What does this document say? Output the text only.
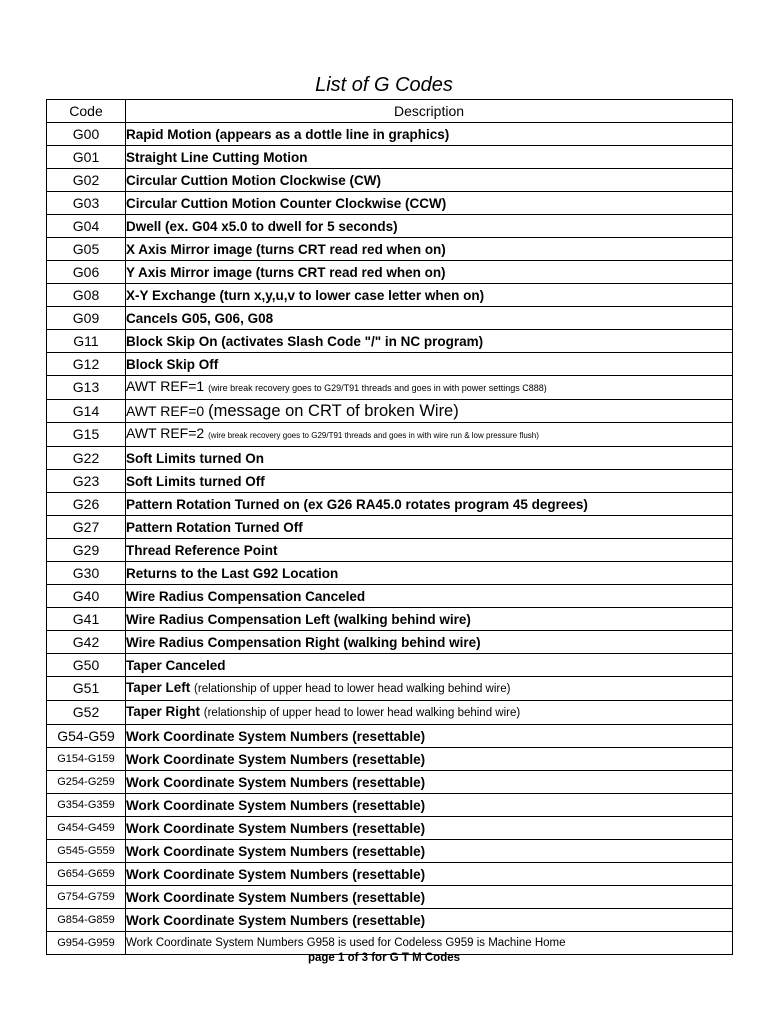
List of G Codes
Code	Description
G00	Rapid Motion (appears as a dottle line in graphics)
G01	Straight Line Cutting Motion
G02	Circular Cuttion Motion Clockwise (CW)
G03	Circular Cuttion Motion Counter Clockwise (CCW)
G04	Dwell (ex. G04 x5.0 to dwell for 5 seconds)
G05	X Axis Mirror image (turns CRT read red when on)
G06	Y Axis Mirror image (turns CRT read red when on)
G08	X-Y Exchange (turn x,y,u,v to lower case letter when on)
G09	Cancels G05, G06, G08
G11	Block Skip On (activates Slash Code "/" in NC program)
G12	Block Skip Off
G13	AWT REF=1 (wire break recovery goes to G29/T91 threads and goes in with power settings C888)
G14	AWT REF=0 (message on CRT of broken Wire)
G15	AWT REF=2 (wire break recovery goes to G29/T91 threads and goes in with wire run & low pressure flush)
G22	Soft Limits turned On
G23	Soft Limits turned Off
G26	Pattern Rotation Turned on (ex G26 RA45.0 rotates program 45 degrees)
G27	Pattern Rotation Turned Off
G29	Thread Reference Point
G30	Returns to the Last G92 Location
G40	Wire Radius Compensation Canceled
G41	Wire Radius Compensation Left (walking behind wire)
G42	Wire Radius Compensation Right (walking behind wire)
G50	Taper Canceled
G51	Taper Left (relationship of upper head to lower head walking behind wire)
G52	Taper Right (relationship of upper head to lower head walking behind wire)
G54-G59	Work Coordinate System Numbers (resettable)
G154-G159	Work Coordinate System Numbers (resettable)
G254-G259	Work Coordinate System Numbers (resettable)
G354-G359	Work Coordinate System Numbers (resettable)
G454-G459	Work Coordinate System Numbers (resettable)
G545-G559	Work Coordinate System Numbers (resettable)
G654-G659	Work Coordinate System Numbers (resettable)
G754-G759	Work Coordinate System Numbers (resettable)
G854-G859	Work Coordinate System Numbers (resettable)
G954-G959	Work Coordinate System Numbers G958 is used for Codeless G959 is Machine Home
page 1 of 3 for G T M Codes
